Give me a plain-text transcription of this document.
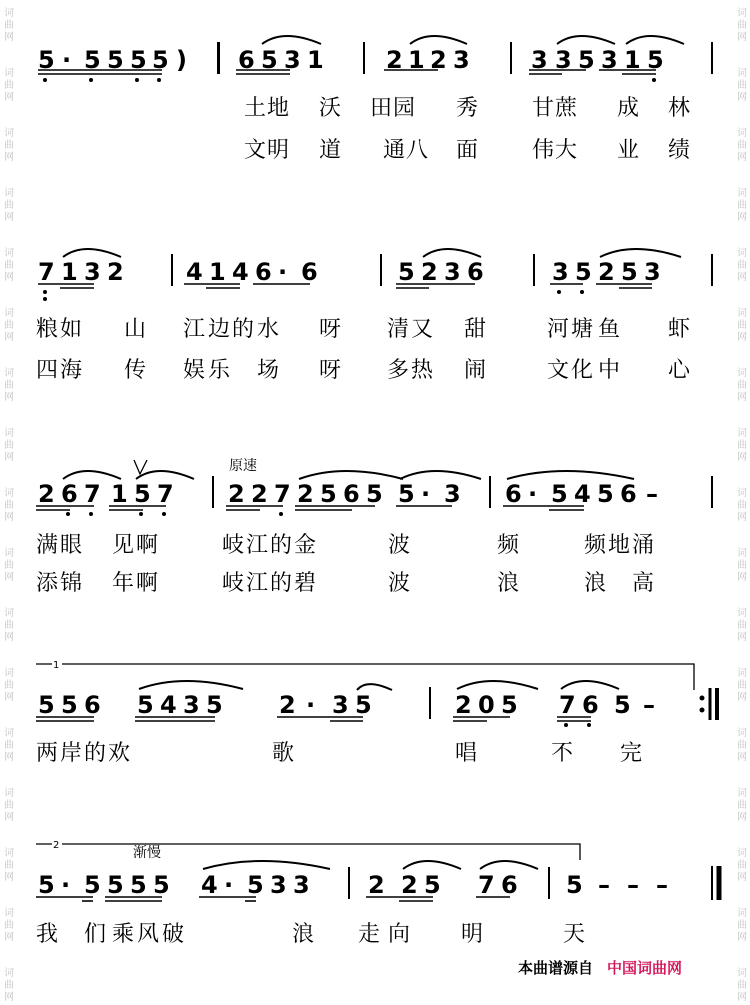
5 · 5 5 5 5 ) 6 5 3 1	2 1 2 3	3 3 5 3 1 5
7 1 3 2	4 1 4 6 · 6	5 2 3 6	3 5 2 5 3
2 6 7 1 5 7 2 2 7 2 5 6 5 5 · 3 6 · 5 4 5 6 –
5 5 6 5 4 3 5 2 · 3 5	2 0 5 7 6 5 –
5 · 5 5 5 5 4 · 5 3 3 2 2 5 7 6 5 – – –
土 地 沃 田 园 秀 甘 蔗 成 林
文 明 道 通 八 面 伟 大 业 绩
粮 如 山 江 边 的 水 呀 清 又 甜	河 塘 鱼 虾
四 海 传 娱 乐 场 呀 多 热 闹	文 化 中 心
满 眼 见 啊	岐 江 的 金	波	频	频 地 涌
添 锦 年 啊	岐 江 的 碧	波	浪	浪 高
两 岸 的 欢	歌	唱	不 完
我 们 乘 风 破	浪 走 向 明	天
原速
渐慢
1
2
词
曲
网
词
曲
网
词
曲
网
词
曲
网
词
曲
网
词
曲
网
词
曲
网
词
曲
网
词
曲
网
词
曲
网
词
曲
网
词
曲
网
词
曲
网
词
曲
网
词
曲
网
词
曲
网
词
曲
网
词
曲
网
词
曲
网
词
曲
网
词
曲
网
词
曲
网
词
曲
网
词
曲
网
词
曲
网
词
曲
网
词
曲
网
词
曲
网
词
曲
网
词
曲
网
词
曲
网
词
曲
网
词
曲
网
词
曲
网
本曲谱源自 中国词曲网
